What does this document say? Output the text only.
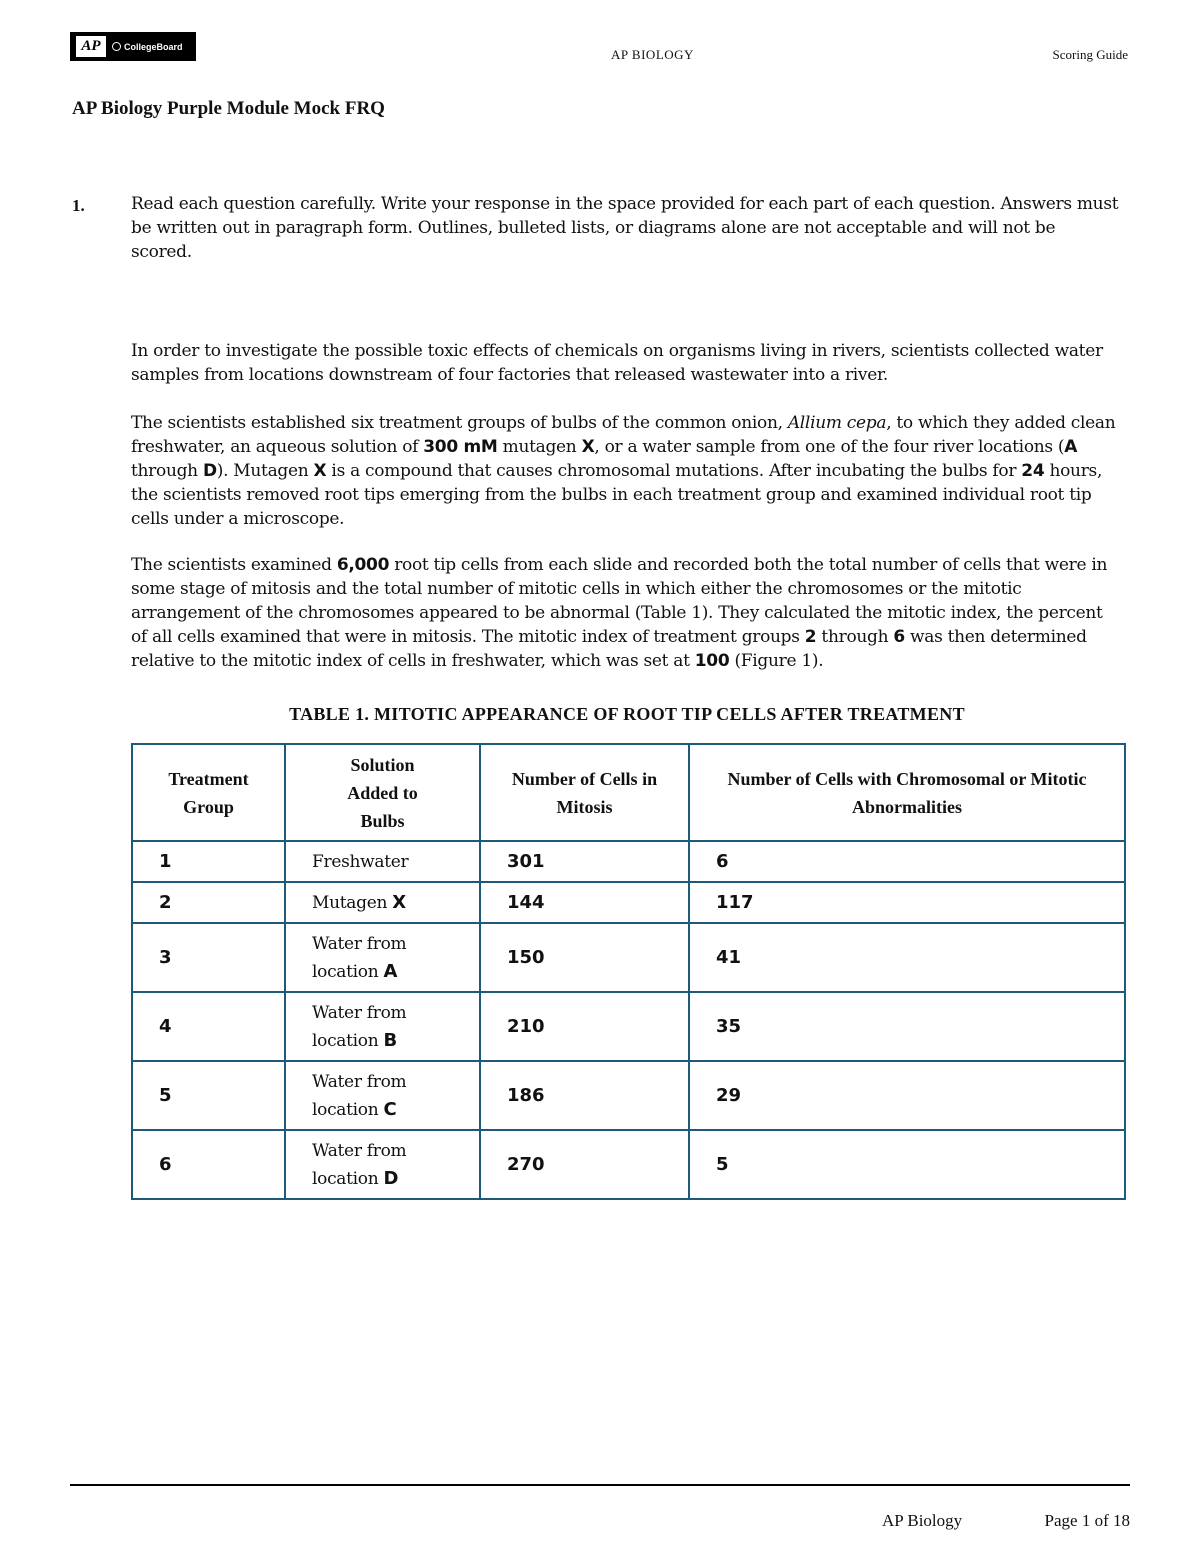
AP	CollegeBoard
AP BIOLOGY	Scoring Guide
AP Biology Purple Module Mock FRQ
1.	Read each question carefully. Write your response in the space provided for each part of each question. Answers must be written out in paragraph form. Outlines, bulleted lists, or diagrams alone are not acceptable and will not be scored.

In order to investigate the possible toxic effects of chemicals on organisms living in rivers, scientists collected water samples from locations downstream of four factories that released wastewater into a river.

The scientists established six treatment groups of bulbs of the common onion, Allium cepa, to which they added clean freshwater, an aqueous solution of 300 mM mutagen X, or a water sample from one of the four river locations (A through D). Mutagen X is a compound that causes chromosomal mutations. After incubating the bulbs for 24 hours, the scientists removed root tips emerging from the bulbs in each treatment group and examined individual root tip cells under a microscope.

The scientists examined 6,000 root tip cells from each slide and recorded both the total number of cells that were in some stage of mitosis and the total number of mitotic cells in which either the chromosomes or the mitotic arrangement of the chromosomes appeared to be abnormal (Table 1). They calculated the mitotic index, the percent of all cells examined that were in mitosis. The mitotic index of treatment groups 2 through 6 was then determined relative to the mitotic index of cells in freshwater, which was set at 100 (Figure 1).

TABLE 1. MITOTIC APPEARANCE OF ROOT TIP CELLS AFTER TREATMENT
Treatment Group	Solution Added to Bulbs	Number of Cells in Mitosis	Number of Cells with Chromosomal or Mitotic Abnormalities
1	Freshwater	301	6
2	Mutagen X	144	117
3	Water from location A	150	41
4	Water from location B	210	35
5	Water from location C	186	29
6	Water from location D	270	5
AP Biology	Page 1 of 18
